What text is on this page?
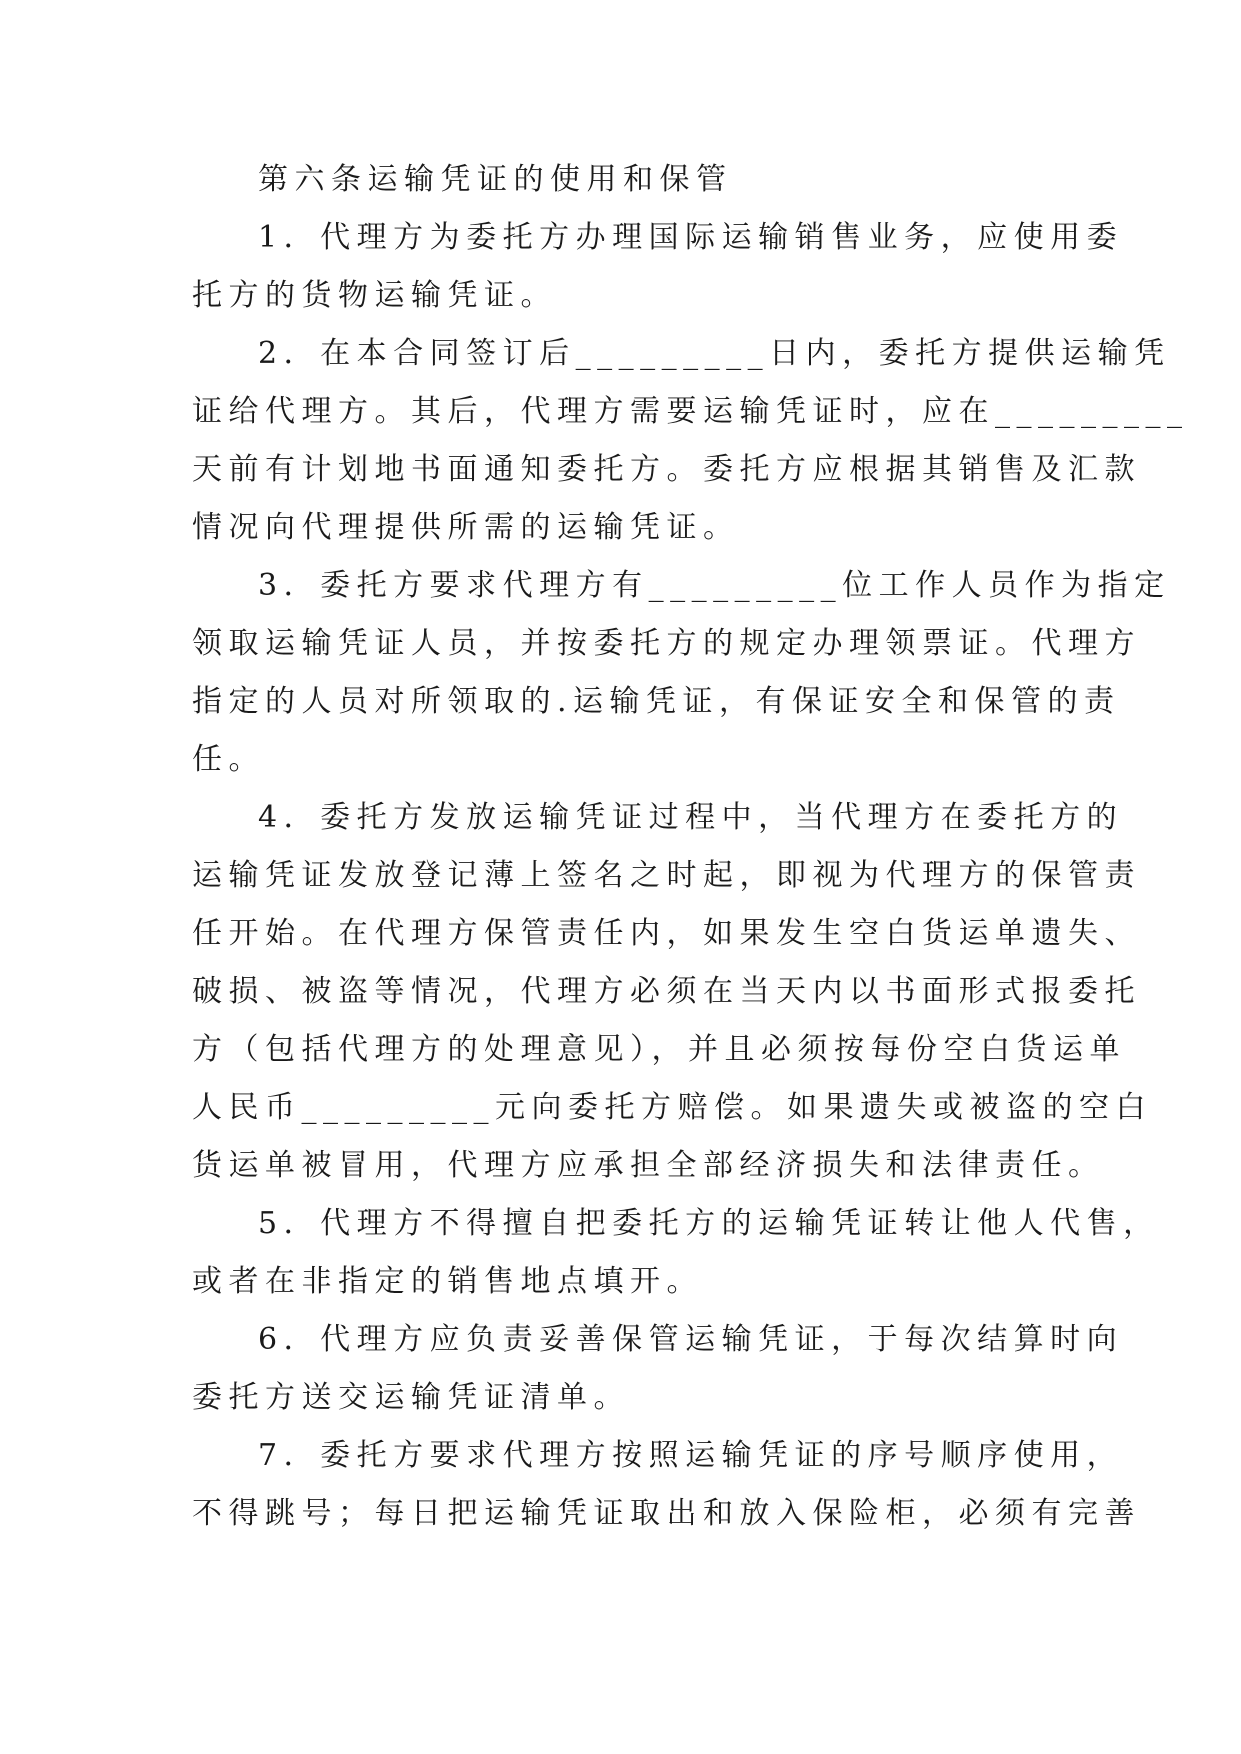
第六条运输凭证的使用和保管

1．代理方为委托方办理国际运输销售业务，应使用委
托方的货物运输凭证。

2．在本合同签订后_________日内，委托方提供运输凭
证给代理方。其后，代理方需要运输凭证时，应在_________
天前有计划地书面通知委托方。委托方应根据其销售及汇款
情况向代理提供所需的运输凭证。

3．委托方要求代理方有_________位工作人员作为指定
领取运输凭证人员，并按委托方的规定办理领票证。代理方
指定的人员对所领取的.运输凭证，有保证安全和保管的责
任。

4．委托方发放运输凭证过程中，当代理方在委托方的
运输凭证发放登记薄上签名之时起，即视为代理方的保管责
任开始。在代理方保管责任内，如果发生空白货运单遗失、
破损、被盗等情况，代理方必须在当天内以书面形式报委托
方（包括代理方的处理意见），并且必须按每份空白货运单
人民币_________元向委托方赔偿。如果遗失或被盗的空白
货运单被冒用，代理方应承担全部经济损失和法律责任。

5．代理方不得擅自把委托方的运输凭证转让他人代售，
或者在非指定的销售地点填开。

6．代理方应负责妥善保管运输凭证，于每次结算时向
委托方送交运输凭证清单。

7．委托方要求代理方按照运输凭证的序号顺序使用，
不得跳号；每日把运输凭证取出和放入保险柜，必须有完善
